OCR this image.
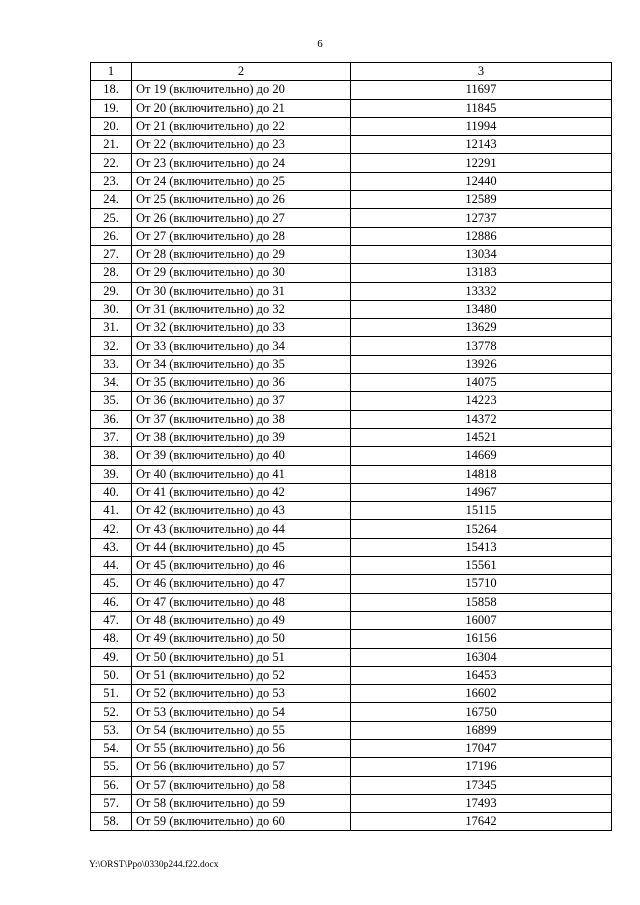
6
1	2	3
18.	От 19 (включительно) до 20	11697
19.	От 20 (включительно) до 21	11845
20.	От 21 (включительно) до 22	11994
21.	От 22 (включительно) до 23	12143
22.	От 23 (включительно) до 24	12291
23.	От 24 (включительно) до 25	12440
24.	От 25 (включительно) до 26	12589
25.	От 26 (включительно) до 27	12737
26.	От 27 (включительно) до 28	12886
27.	От 28 (включительно) до 29	13034
28.	От 29 (включительно) до 30	13183
29.	От 30 (включительно) до 31	13332
30.	От 31 (включительно) до 32	13480
31.	От 32 (включительно) до 33	13629
32.	От 33 (включительно) до 34	13778
33.	От 34 (включительно) до 35	13926
34.	От 35 (включительно) до 36	14075
35.	От 36 (включительно) до 37	14223
36.	От 37 (включительно) до 38	14372
37.	От 38 (включительно) до 39	14521
38.	От 39 (включительно) до 40	14669
39.	От 40 (включительно) до 41	14818
40.	От 41 (включительно) до 42	14967
41.	От 42 (включительно) до 43	15115
42.	От 43 (включительно) до 44	15264
43.	От 44 (включительно) до 45	15413
44.	От 45 (включительно) до 46	15561
45.	От 46 (включительно) до 47	15710
46.	От 47 (включительно) до 48	15858
47.	От 48 (включительно) до 49	16007
48.	От 49 (включительно) до 50	16156
49.	От 50 (включительно) до 51	16304
50.	От 51 (включительно) до 52	16453
51.	От 52 (включительно) до 53	16602
52.	От 53 (включительно) до 54	16750
53.	От 54 (включительно) до 55	16899
54.	От 55 (включительно) до 56	17047
55.	От 56 (включительно) до 57	17196
56.	От 57 (включительно) до 58	17345
57.	От 58 (включительно) до 59	17493
58.	От 59 (включительно) до 60	17642
Y:\ORST\Ppo\0330p244.f22.docx
